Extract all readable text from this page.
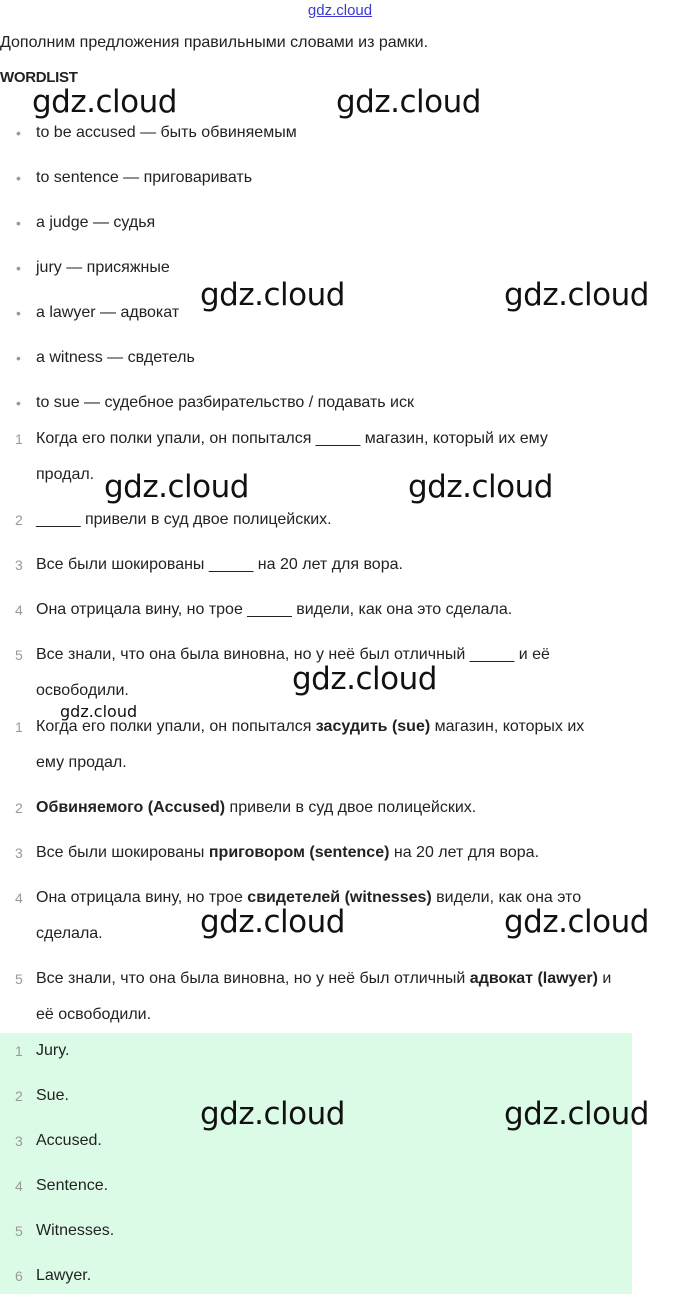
gdz.cloud
Дополним предложения правильными словами из рамки.
WORDLIST
• to be accused — быть обвиняемым
• to sentence — приговаривать
• a judge — судья
• jury — присяжные
• a lawyer — адвокат
• a witness — свдетель
• to sue — судебное разбирательство / подавать иск
1 Когда его полки упали, он попытался _____ магазин, который их ему
продал.
2 _____ привели в суд двое полицейских.
3 Все были шокированы _____ на 20 лет для вора.
4 Она отрицала вину, но трое _____ видели, как она это сделала.
5 Все знали, что она была виновна, но у неё был отличный _____ и её
освободили.
1 Когда его полки упали, он попытался засудить (sue) магазин, которых их
ему продал.
2 Обвиняемого (Accused) привели в суд двое полицейских.
3 Все были шокированы приговором (sentence) на 20 лет для вора.
4 Она отрицала вину, но трое свидетелей (witnesses) видели, как она это
сделала.
5 Все знали, что она была виновна, но у неё был отличный адвокат (lawyer) и
её освободили.
1 Jury.
2 Sue.
3 Accused.
4 Sentence.
5 Witnesses.
6 Lawyer.
gdz.cloud	gdz.cloud
gdz.cloud	gdz.cloud
gdz.cloud	gdz.cloud
gdz.cloud
gdz.cloud
gdz.cloud	gdz.cloud
gdz.cloud	gdz.cloud
